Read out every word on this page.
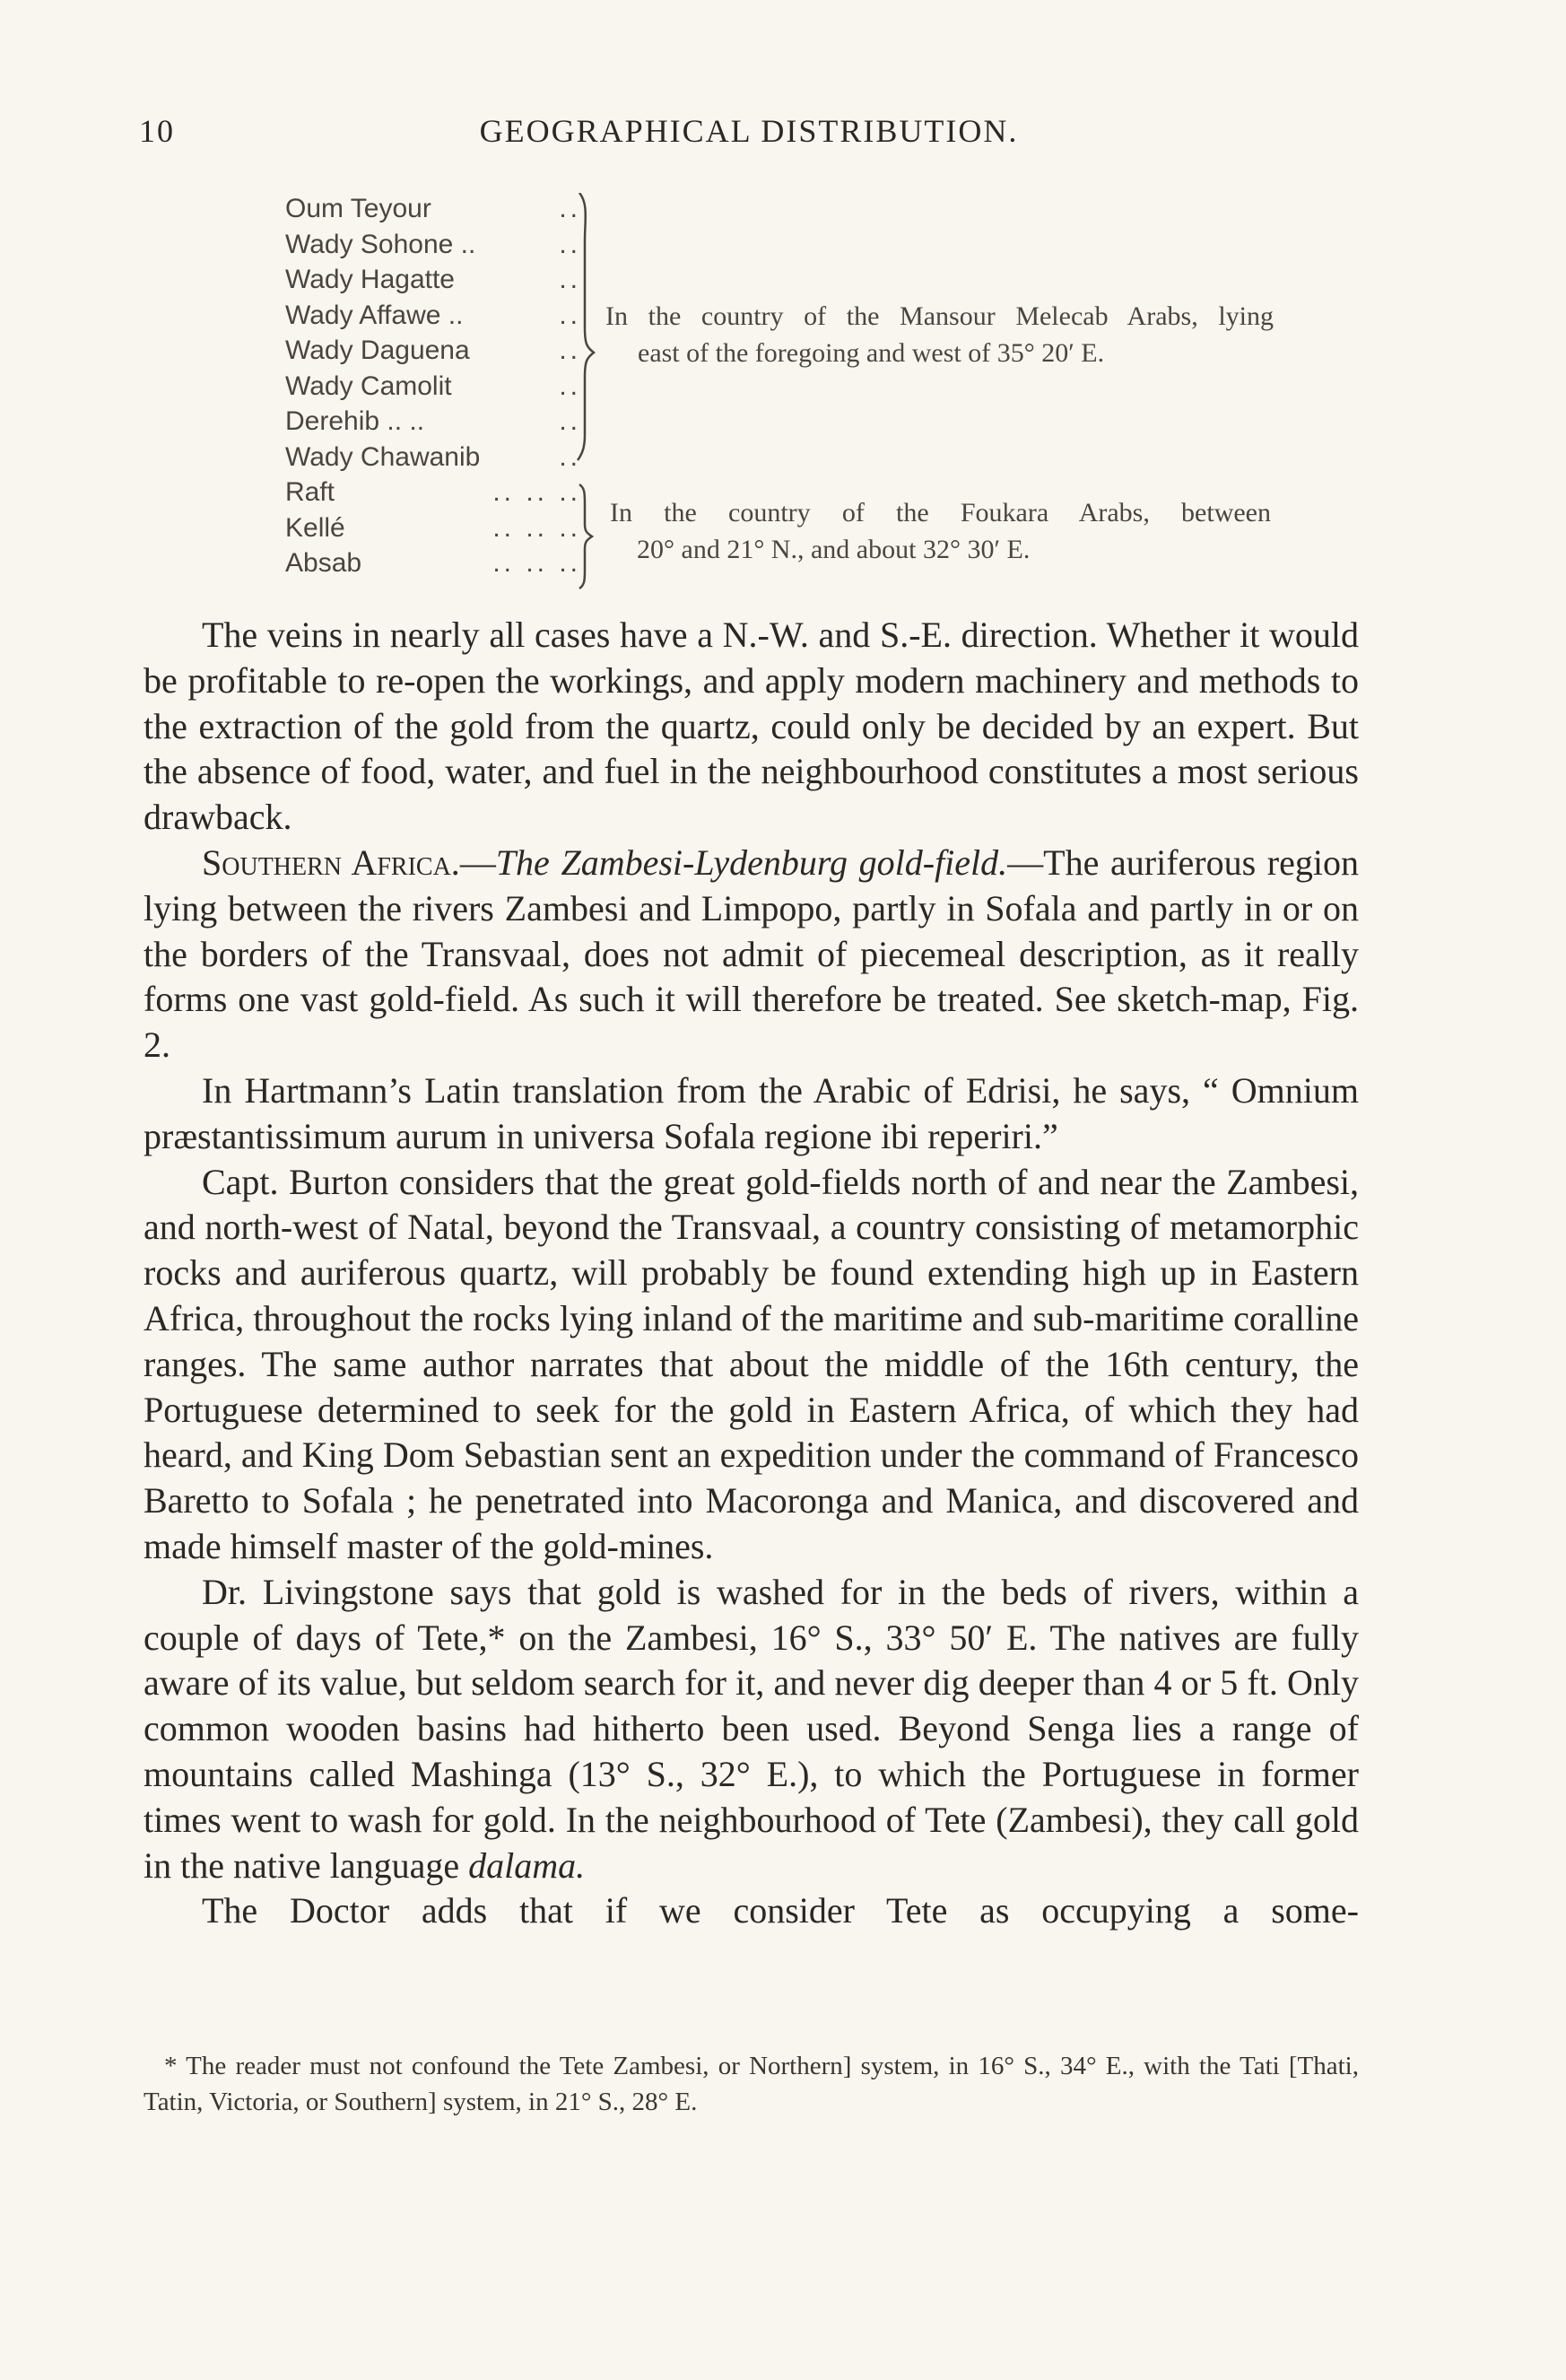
10	GEOGRAPHICAL DISTRIBUTION.
Oum Teyour	..
Wady Sohone ..	..
Wady Hagatte	..
Wady Affawe ..	..
Wady Daguena	..
Wady Camolit	..
Derehib .. ..	..
Wady Chawanib	..
Raft	.. .. ..
Kellé	.. .. ..
Absab	.. .. ..
In the country of the Mansour Melecab Arabs, lying
east of the foregoing and west of 35° 20′ E.
In the country of the Foukara Arabs, between
20° and 21° N., and about 32° 30′ E.

The veins in nearly all cases have a N.-W. and S.-E. direction. Whether it would be profitable to re-open the workings, and apply modern machinery and methods to the extraction of the gold from the quartz, could only be decided by an expert. But the absence of food, water, and fuel in the neighbourhood constitutes a most serious drawback.

Southern Africa.—The Zambesi-Lydenburg gold-field.—The auriferous region lying between the rivers Zambesi and Limpopo, partly in Sofala and partly in or on the borders of the Transvaal, does not admit of piecemeal description, as it really forms one vast gold-field. As such it will therefore be treated. See sketch-map, Fig. 2.

In Hartmann’s Latin translation from the Arabic of Edrisi, he says, “ Omnium præstantissimum aurum in universa Sofala regione ibi reperiri.”

Capt. Burton considers that the great gold-fields north of and near the Zambesi, and north-west of Natal, beyond the Transvaal, a country consisting of metamorphic rocks and auriferous quartz, will probably be found extending high up in Eastern Africa, throughout the rocks lying inland of the maritime and sub-maritime coralline ranges. The same author narrates that about the middle of the 16th century, the Portuguese determined to seek for the gold in Eastern Africa, of which they had heard, and King Dom Sebastian sent an expedition under the command of Francesco Baretto to Sofala ; he penetrated into Macoronga and Manica, and discovered and made himself master of the gold-mines.

Dr. Livingstone says that gold is washed for in the beds of rivers, within a couple of days of Tete,* on the Zambesi, 16° S., 33° 50′ E. The natives are fully aware of its value, but seldom search for it, and never dig deeper than 4 or 5 ft. Only common wooden basins had hitherto been used. Beyond Senga lies a range of mountains called Mashinga (13° S., 32° E.), to which the Portuguese in former times went to wash for gold. In the neighbourhood of Tete (Zambesi), they call gold in the native language dalama.

The Doctor adds that if we consider Tete as occupying a some-

* The reader must not confound the Tete Zambesi, or Northern] system, in 16° S., 34° E., with the Tati [Thati, Tatin, Victoria, or Southern] system, in 21° S., 28° E.
